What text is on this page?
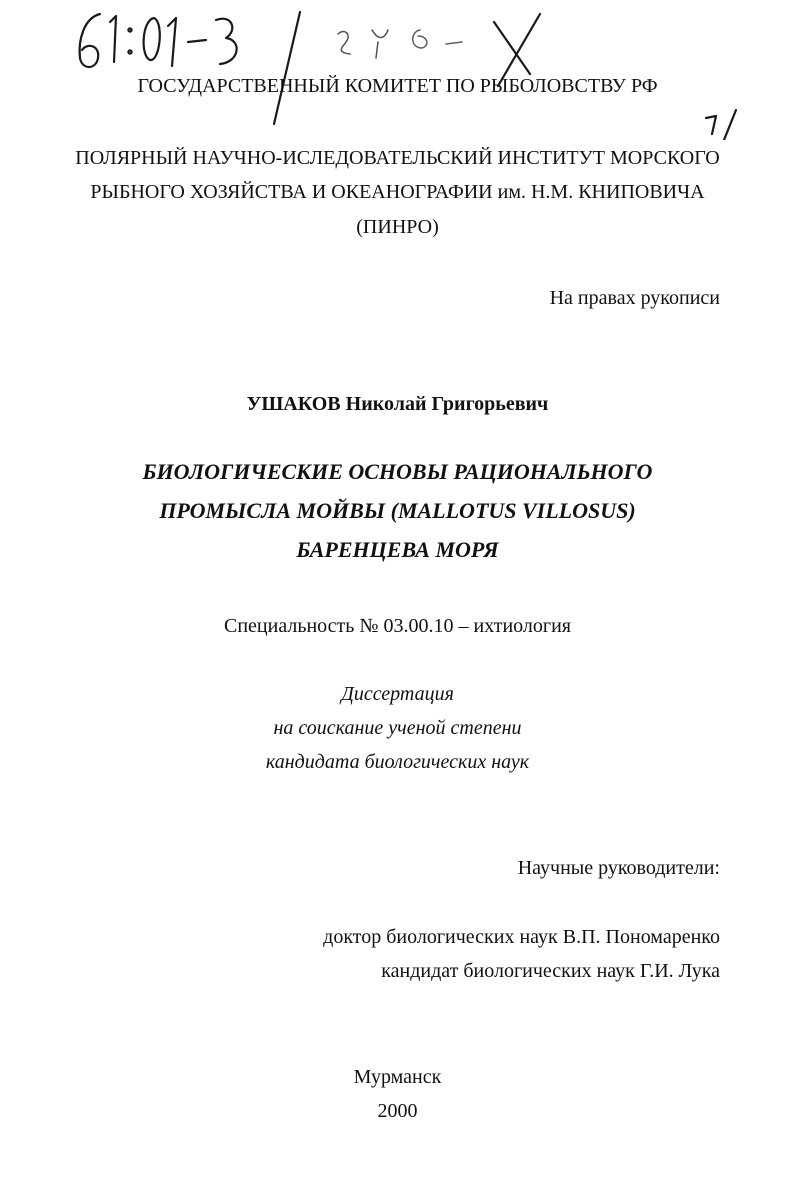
ГОСУДАРСТВЕННЫЙ КОМИТЕТ ПО РЫБОЛОВСТВУ РФ
ПОЛЯРНЫЙ НАУЧНО-ИСЛЕДОВАТЕЛЬСКИЙ ИНСТИТУТ МОРСКОГО
РЫБНОГО ХОЗЯЙСТВА И ОКЕАНОГРАФИИ им. Н.М. КНИПОВИЧА
(ПИНРО)
На правах рукописи
УШАКОВ Николай Григорьевич
БИОЛОГИЧЕСКИЕ ОСНОВЫ РАЦИОНАЛЬНОГО
ПРОМЫСЛА МОЙВЫ (MALLOTUS VILLOSUS)
БАРЕНЦЕВА МОРЯ
Специальность № 03.00.10 – ихтиология
Диссертация
на соискание ученой степени
кандидата биологических наук
Научные руководители:
доктор биологических наук В.П. Пономаренко
кандидат биологических наук Г.И. Лука
Мурманск
2000
